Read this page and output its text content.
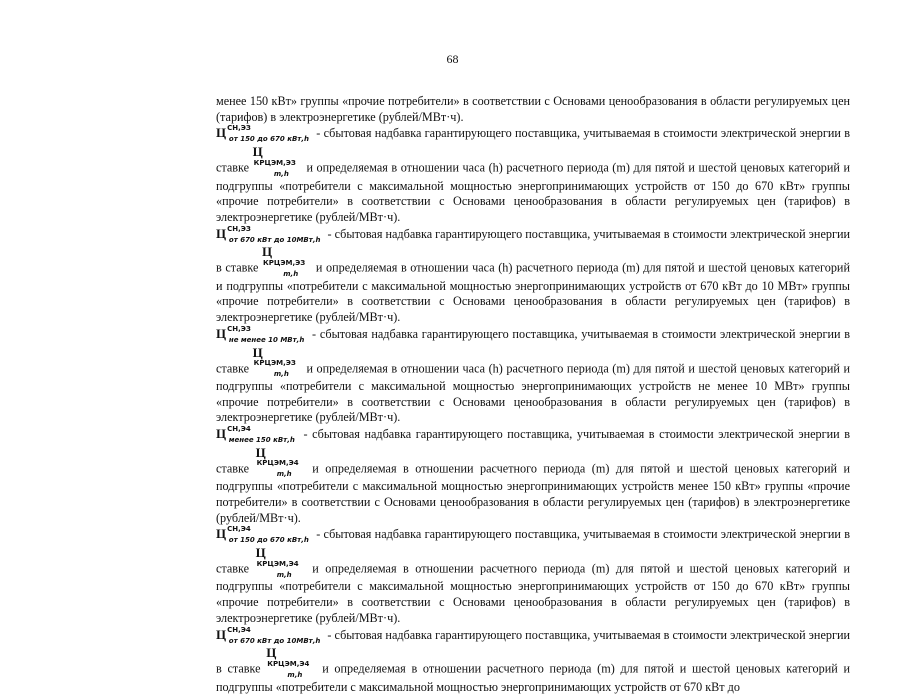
68

менее 150 кВт» группы «прочие потребители» в соответствии с Основами ценообразования в области регулируемых цен (тарифов) в электроэнергетике (рублей/МВт·ч).

$Ц^{СН,ЭЗ}_{от 150 до 670 кВт,h}$ - сбытовая надбавка гарантирующего поставщика, учитываемая в стоимости электрической энергии в ставке $Ц^{КРЦЭМ,ЭЗ}_{m,h}$ и определяемая в отношении часа (h) расчетного периода (m) для пятой и шестой ценовых категорий и подгруппы «потребители с максимальной мощностью энергопринимающих устройств от 150 до 670 кВт» группы «прочие потребители» в соответствии с Основами ценообразования в области регулируемых цен (тарифов) в электроэнергетике (рублей/МВт·ч).

$Ц^{СН,ЭЗ}_{от 670 кВт до 10МВт,h}$ - сбытовая надбавка гарантирующего поставщика, учитываемая в стоимости электрической энергии в ставке $Ц^{КРЦЭМ,ЭЗ}_{m,h}$ и определяемая в отношении часа (h) расчетного периода (m) для пятой и шестой ценовых категорий и подгруппы «потребители с максимальной мощностью энергопринимающих устройств от 670 кВт до 10 МВт» группы «прочие потребители» в соответствии с Основами ценообразования в области регулируемых цен (тарифов) в электроэнергетике (рублей/МВт·ч).

$Ц^{СН,ЭЗ}_{не менее 10 МВт,h}$ - сбытовая надбавка гарантирующего поставщика, учитываемая в стоимости электрической энергии в ставке $Ц^{КРЦЭМ,ЭЗ}_{m,h}$ и определяемая в отношении часа (h) расчетного периода (m) для пятой и шестой ценовых категорий и подгруппы «потребители с максимальной мощностью энергопринимающих устройств не менее 10 МВт» группы «прочие потребители» в соответствии с Основами ценообразования в области регулируемых цен (тарифов) в электроэнергетике (рублей/МВт·ч).

$Ц^{СН,Э4}_{менее 150 кВт,h}$ - сбытовая надбавка гарантирующего поставщика, учитываемая в стоимости электрической энергии в ставке $Ц^{КРЦЭМ,Э4}_{m,h}$ и определяемая в отношении расчетного периода (m) для пятой и шестой ценовых категорий и подгруппы «потребители с максимальной мощностью энергопринимающих устройств менее 150 кВт» группы «прочие потребители» в соответствии с Основами ценообразования в области регулируемых цен (тарифов) в электроэнергетике (рублей/МВт·ч).

$Ц^{СН,Э4}_{от 150 до 670 кВт,h}$ - сбытовая надбавка гарантирующего поставщика, учитываемая в стоимости электрической энергии в ставке $Ц^{КРЦЭМ,Э4}_{m,h}$ и определяемая в отношении расчетного периода (m) для пятой и шестой ценовых категорий и подгруппы «потребители с максимальной мощностью энергопринимающих устройств от 150 до 670 кВт» группы «прочие потребители» в соответствии с Основами ценообразования в области регулируемых цен (тарифов) в электроэнергетике (рублей/МВт·ч).

$Ц^{СН,Э4}_{от 670 кВт до 10МВт,h}$ - сбытовая надбавка гарантирующего поставщика, учитываемая в стоимости электрической энергии в ставке $Ц^{КРЦЭМ,Э4}_{m,h}$ и определяемая в отношении расчетного периода (m) для пятой и шестой ценовых категорий и подгруппы «потребители с максимальной мощностью энергопринимающих устройств от 670 кВт до
